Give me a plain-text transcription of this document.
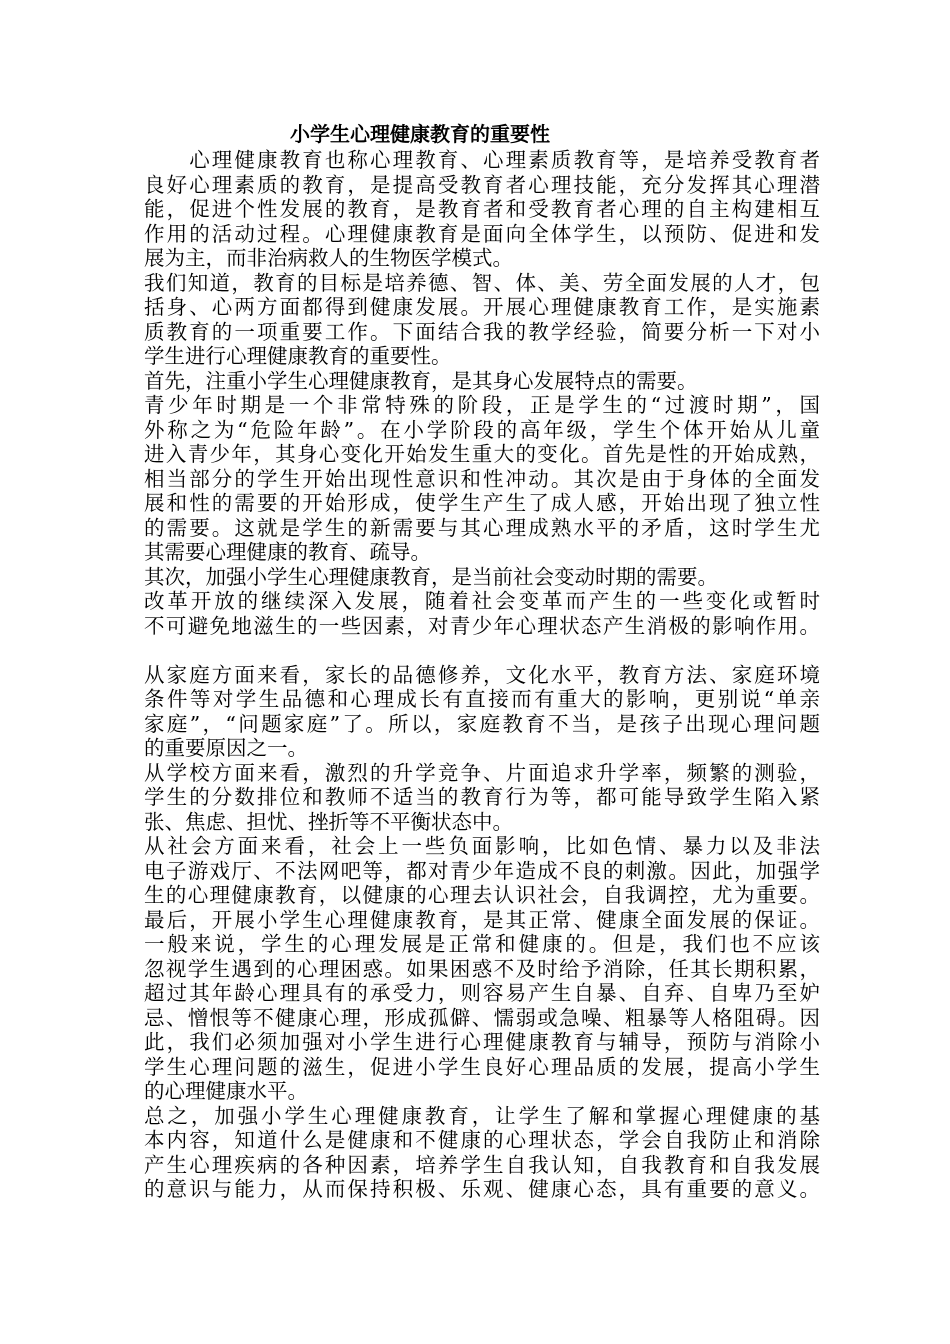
小学生心理健康教育的重要性
　　心理健康教育也称心理教育、心理素质教育等，是培养受教育者
良好心理素质的教育，是提高受教育者心理技能，充分发挥其心理潜
能，促进个性发展的教育，是教育者和受教育者心理的自主构建相互
作用的活动过程。心理健康教育是面向全体学生，以预防、促进和发
展为主，而非治病救人的生物医学模式。
我们知道，教育的目标是培养德、智、体、美、劳全面发展的人才，包
括身、心两方面都得到健康发展。开展心理健康教育工作，是实施素
质教育的一项重要工作。下面结合我的教学经验，简要分析一下对小
学生进行心理健康教育的重要性。
首先，注重小学生心理健康教育，是其身心发展特点的需要。
青少年时期是一个非常特殊的阶段，正是学生的“过渡时期”，国
外称之为“危险年龄”。在小学阶段的高年级，学生个体开始从儿童
进入青少年，其身心变化开始发生重大的变化。首先是性的开始成熟，
相当部分的学生开始出现性意识和性冲动。其次是由于身体的全面发
展和性的需要的开始形成，使学生产生了成人感，开始出现了独立性
的需要。这就是学生的新需要与其心理成熟水平的矛盾，这时学生尤
其需要心理健康的教育、疏导。
其次，加强小学生心理健康教育，是当前社会变动时期的需要。
改革开放的继续深入发展，随着社会变革而产生的一些变化或暂时
不可避免地滋生的一些因素，对青少年心理状态产生消极的影响作用。
从家庭方面来看，家长的品德修养，文化水平，教育方法、家庭环境
条件等对学生品德和心理成长有直接而有重大的影响，更别说“单亲
家庭”，“问题家庭”了。所以，家庭教育不当，是孩子出现心理问题
的重要原因之一。
从学校方面来看，激烈的升学竞争、片面追求升学率，频繁的测验，
学生的分数排位和教师不适当的教育行为等，都可能导致学生陷入紧
张、焦虑、担忧、挫折等不平衡状态中。
从社会方面来看，社会上一些负面影响，比如色情、暴力以及非法
电子游戏厅、不法网吧等，都对青少年造成不良的刺激。因此，加强学
生的心理健康教育，以健康的心理去认识社会，自我调控，尤为重要。
最后，开展小学生心理健康教育，是其正常、健康全面发展的保证。
一般来说，学生的心理发展是正常和健康的。但是，我们也不应该
忽视学生遇到的心理困惑。如果困惑不及时给予消除，任其长期积累，
超过其年龄心理具有的承受力，则容易产生自暴、自弃、自卑乃至妒
忌、憎恨等不健康心理，形成孤僻、懦弱或急噪、粗暴等人格阻碍。因
此，我们必须加强对小学生进行心理健康教育与辅导，预防与消除小
学生心理问题的滋生，促进小学生良好心理品质的发展，提高小学生
的心理健康水平。
总之，加强小学生心理健康教育，让学生了解和掌握心理健康的基
本内容，知道什么是健康和不健康的心理状态，学会自我防止和消除
产生心理疾病的各种因素，培养学生自我认知，自我教育和自我发展
的意识与能力，从而保持积极、乐观、健康心态，具有重要的意义。
